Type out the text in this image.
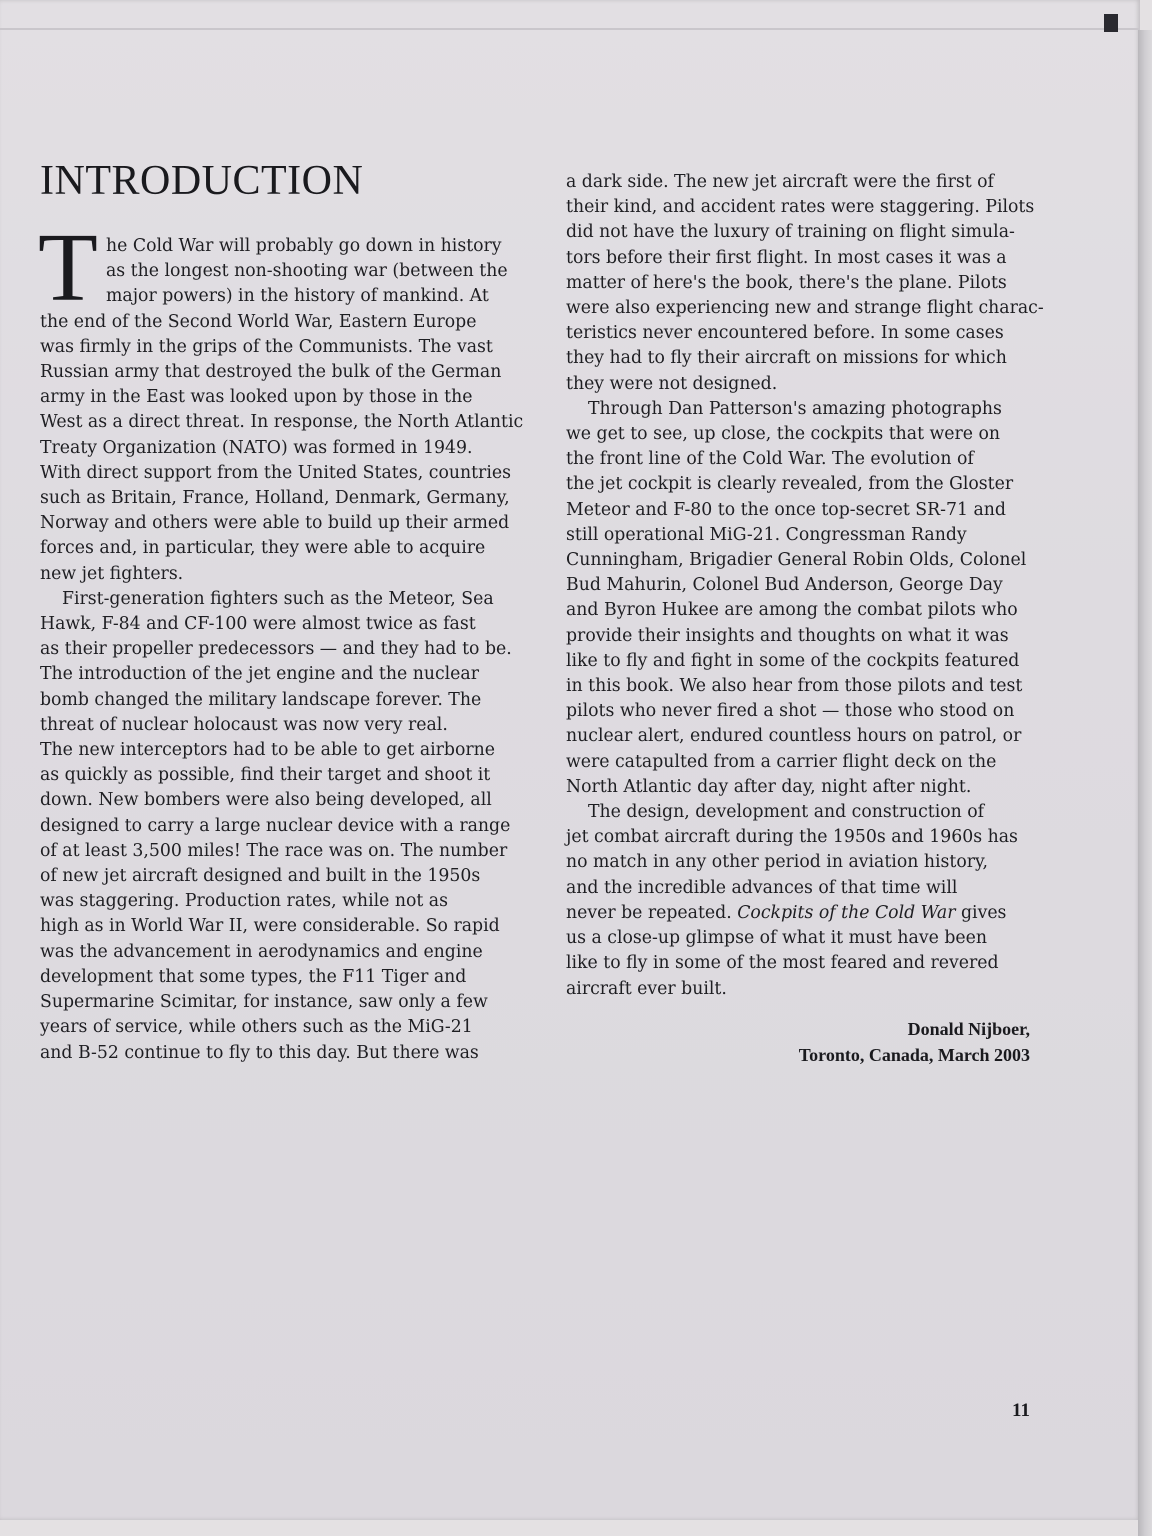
INTRODUCTION
T he Cold War will probably go down in history
as the longest non-shooting war (between the
major powers) in the history of mankind. At
the end of the Second World War, Eastern Europe
was firmly in the grips of the Communists. The vast
Russian army that destroyed the bulk of the German
army in the East was looked upon by those in the
West as a direct threat. In response, the North Atlantic
Treaty Organization (NATO) was formed in 1949.
With direct support from the United States, countries
such as Britain, France, Holland, Denmark, Germany,
Norway and others were able to build up their armed
forces and, in particular, they were able to acquire
new jet fighters.
First-generation fighters such as the Meteor, Sea
Hawk, F-84 and CF-100 were almost twice as fast
as their propeller predecessors — and they had to be.
The introduction of the jet engine and the nuclear
bomb changed the military landscape forever. The
threat of nuclear holocaust was now very real.
The new interceptors had to be able to get airborne
as quickly as possible, find their target and shoot it
down. New bombers were also being developed, all
designed to carry a large nuclear device with a range
of at least 3,500 miles! The race was on. The number
of new jet aircraft designed and built in the 1950s
was staggering. Production rates, while not as
high as in World War II, were considerable. So rapid
was the advancement in aerodynamics and engine
development that some types, the F11 Tiger and
Supermarine Scimitar, for instance, saw only a few
years of service, while others such as the MiG-21
and B-52 continue to fly to this day. But there was
a dark side. The new jet aircraft were the first of
their kind, and accident rates were staggering. Pilots
did not have the luxury of training on flight simula-
tors before their first flight. In most cases it was a
matter of here's the book, there's the plane. Pilots
were also experiencing new and strange flight charac-
teristics never encountered before. In some cases
they had to fly their aircraft on missions for which
they were not designed.
Through Dan Patterson's amazing photographs
we get to see, up close, the cockpits that were on
the front line of the Cold War. The evolution of
the jet cockpit is clearly revealed, from the Gloster
Meteor and F-80 to the once top-secret SR-71 and
still operational MiG-21. Congressman Randy
Cunningham, Brigadier General Robin Olds, Colonel
Bud Mahurin, Colonel Bud Anderson, George Day
and Byron Hukee are among the combat pilots who
provide their insights and thoughts on what it was
like to fly and fight in some of the cockpits featured
in this book. We also hear from those pilots and test
pilots who never fired a shot — those who stood on
nuclear alert, endured countless hours on patrol, or
were catapulted from a carrier flight deck on the
North Atlantic day after day, night after night.
The design, development and construction of
jet combat aircraft during the 1950s and 1960s has
no match in any other period in aviation history,
and the incredible advances of that time will
never be repeated. Cockpits of the Cold War gives
us a close-up glimpse of what it must have been
like to fly in some of the most feared and revered
aircraft ever built.
Donald Nijboer,
Toronto, Canada, March 2003
11
